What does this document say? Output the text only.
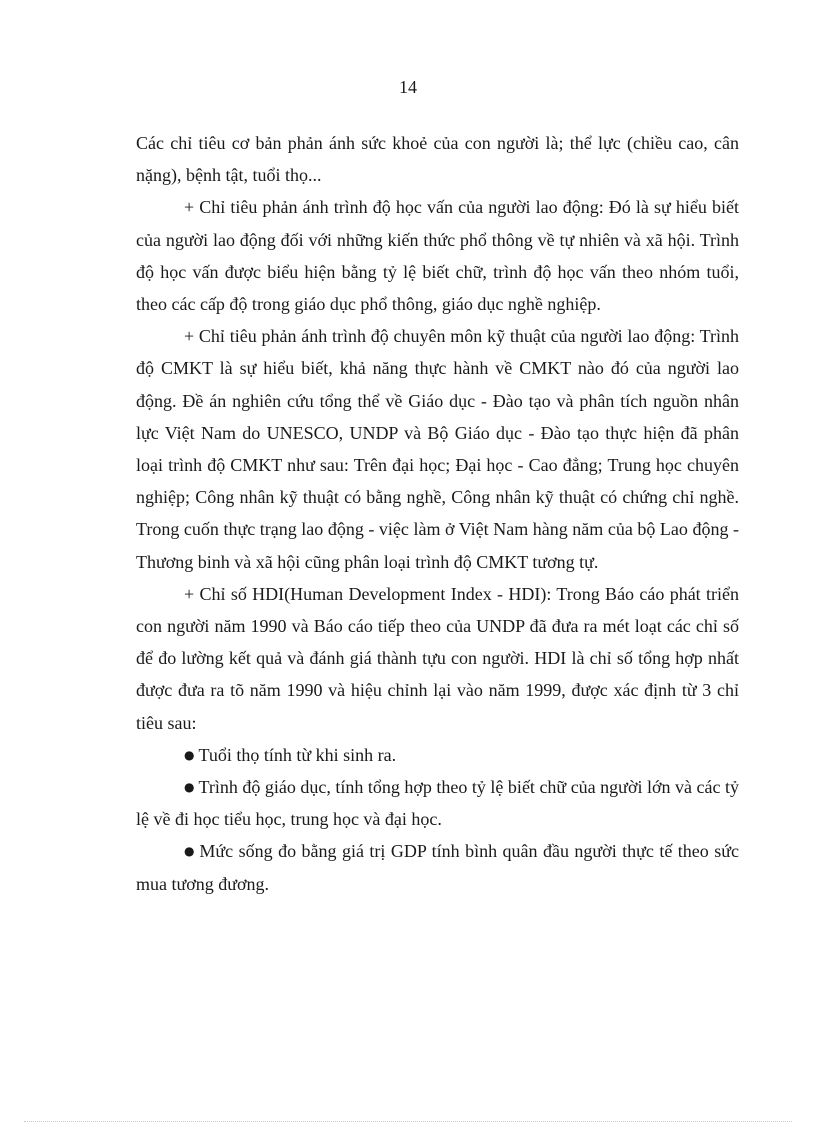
14

Các chỉ tiêu cơ bản phản ánh sức khoẻ của con người là; thể lực (chiều cao, cân nặng), bệnh tật, tuổi thọ...

+ Chỉ tiêu phản ánh trình độ học vấn của người lao động: Đó là sự hiểu biết của người lao động đối với những kiến thức phổ thông về tự nhiên và xã hội. Trình độ học vấn được biểu hiện bằng tỷ lệ biết chữ, trình độ học vấn theo nhóm tuổi, theo các cấp độ trong giáo dục phổ thông, giáo dục nghề nghiệp.

+ Chỉ tiêu phản ánh trình độ chuyên môn kỹ thuật của người lao động: Trình độ CMKT là sự hiểu biết, khả năng thực hành về CMKT nào đó của người lao động. Đề án nghiên cứu tổng thể về Giáo dục - Đào tạo và phân tích nguồn nhân lực Việt Nam do UNESCO, UNDP và Bộ Giáo dục - Đào tạo thực hiện đã phân loại trình độ CMKT như sau: Trên đại học; Đại học - Cao đẳng; Trung học chuyên nghiệp; Công nhân kỹ thuật có bằng nghề, Công nhân kỹ thuật có chứng chỉ nghề. Trong cuốn thực trạng lao động - việc làm ở Việt Nam hàng năm của bộ Lao động - Thương binh và xã hội cũng phân loại trình độ CMKT tương tự.

+ Chỉ số HDI(Human Development Index - HDI): Trong Báo cáo phát triển con người năm 1990 và Báo cáo tiếp theo của UNDP đã đưa ra mét loạt các chỉ số để đo lường kết quả và đánh giá thành tựu con người. HDI là chỉ số tổng hợp nhất được đưa ra tõ năm 1990 và hiệu chỉnh lại vào năm 1999, được xác định từ 3 chỉ tiêu sau:

● Tuổi thọ tính từ khi sinh ra.

● Trình độ giáo dục, tính tổng hợp theo tỷ lệ biết chữ của người lớn và các tỷ lệ về đi học tiểu học, trung học và đại học.

● Mức sống đo bằng giá trị GDP tính bình quân đầu người thực tế theo sức mua tương đương.
